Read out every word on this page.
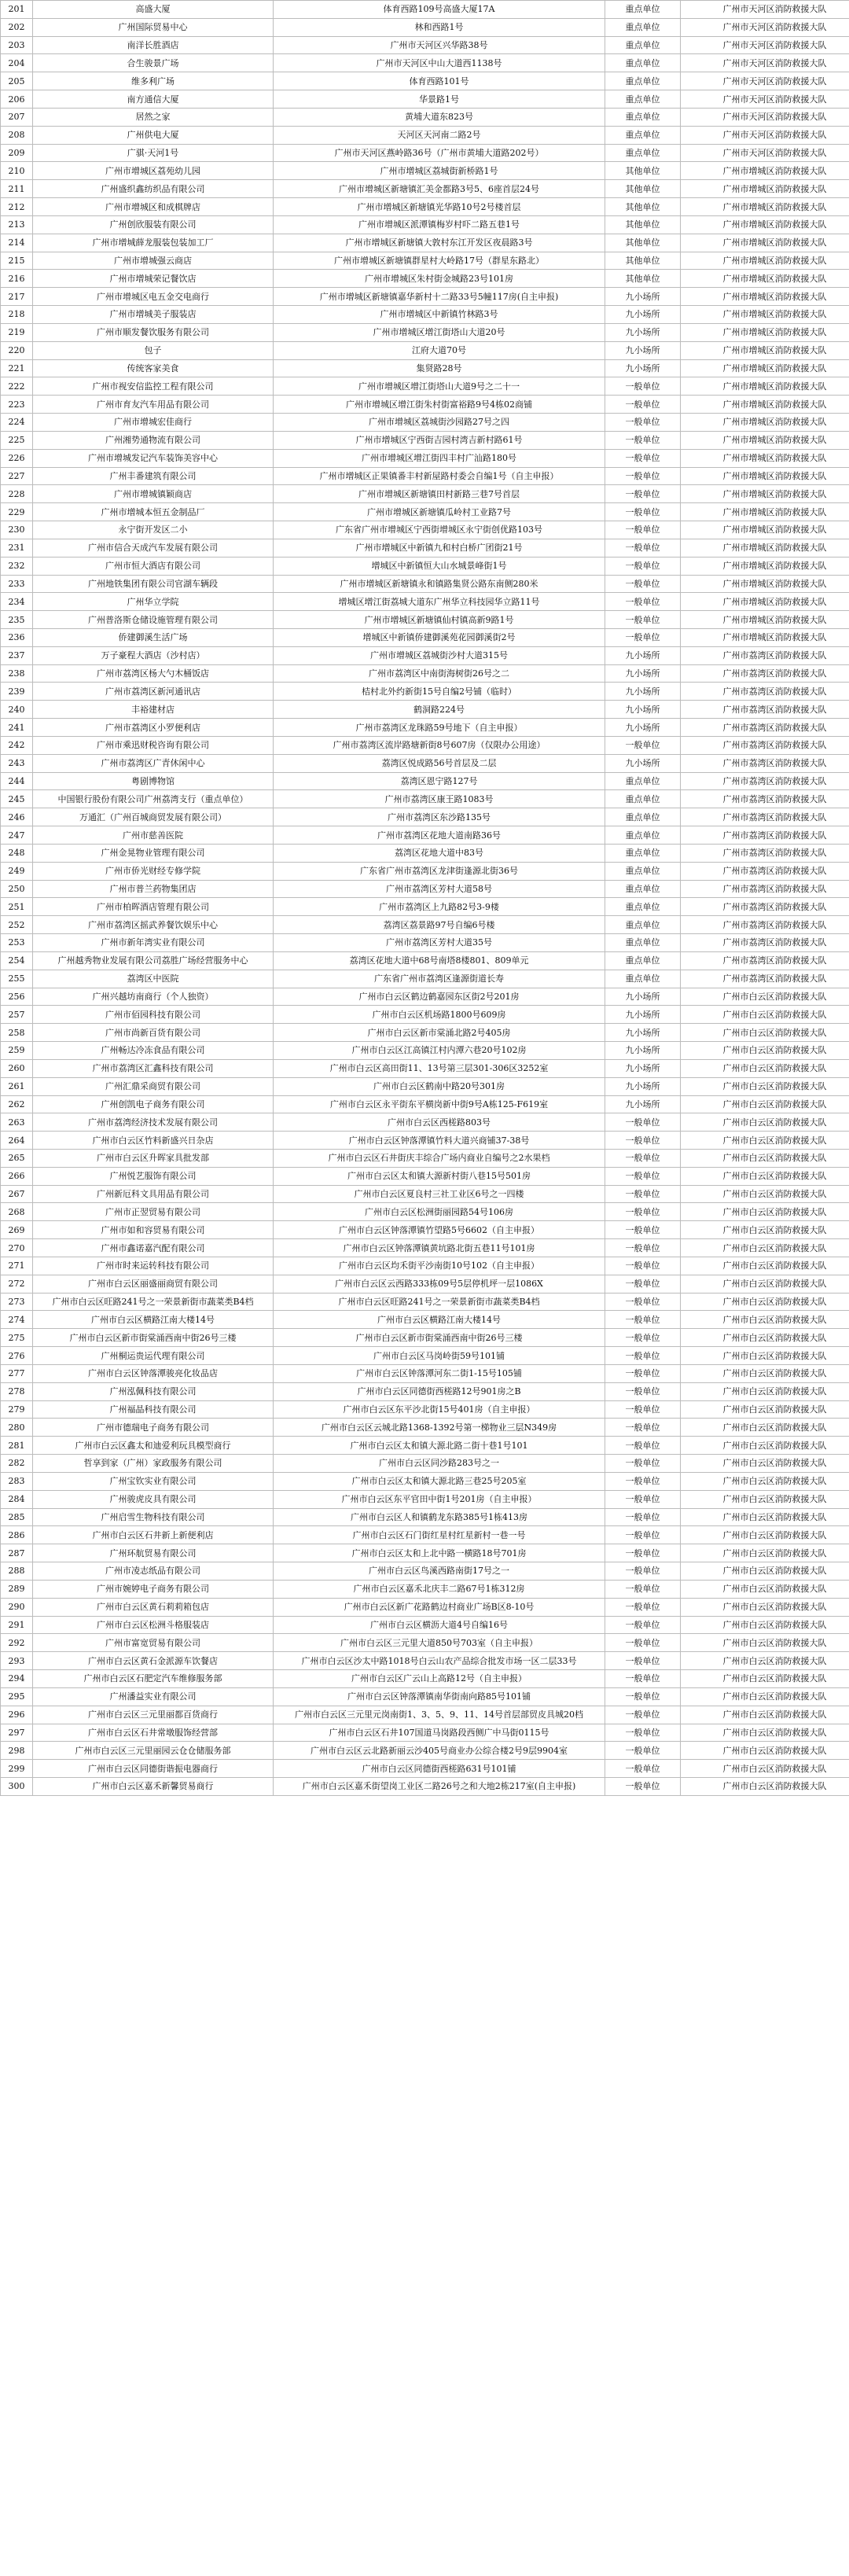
201	高盛大厦	体育西路109号高盛大厦17A	重点单位	广州市天河区消防救援大队
202	广州国际贸易中心	林和西路1号	重点单位	广州市天河区消防救援大队
203	南洋长胜酒店	广州市天河区兴华路38号	重点单位	广州市天河区消防救援大队
204	合生骏景广场	广州市天河区中山大道西1138号	重点单位	广州市天河区消防救援大队
205	维多利广场	体育西路101号	重点单位	广州市天河区消防救援大队
206	南方通信大厦	华景路1号	重点单位	广州市天河区消防救援大队
207	居然之家	黄埔大道东823号	重点单位	广州市天河区消防救援大队
208	广州供电大厦	天河区天河南二路2号	重点单位	广州市天河区消防救援大队
209	广骐·天河1号	广州市天河区燕岭路36号（广州市黄埔大道路202号）	重点单位	广州市天河区消防救援大队
210	广州市增城区荔苑幼儿园	广州市增城区荔城街新桥路1号	其他单位	广州市增城区消防救援大队
211	广州盛织鑫纺织品有限公司	广州市增城区新塘镇汇美金都路3号5、6座首层24号	其他单位	广州市增城区消防救援大队
212	广州市增城区和成棋牌店	广州市增城区新塘镇光华路10号2号楼首层	其他单位	广州市增城区消防救援大队
213	广州创欣服装有限公司	广州市增城区派潭镇梅岁村吓二路五巷1号	其他单位	广州市增城区消防救援大队
214	广州市增城薛龙服装包装加工厂	广州市增城区新塘镇大敦村东江开发区夜晨路3号	其他单位	广州市增城区消防救援大队
215	广州市增城强云商店	广州市增城区新塘镇群星村大岭路17号（群星东路北）	其他单位	广州市增城区消防救援大队
216	广州市增城荣记餐饮店	广州市增城区朱村街金城路23号101房	其他单位	广州市增城区消防救援大队
217	广州市增城区电五金交电商行	广州市增城区新塘镇嘉华新村十二路33号5幢117房(自主申报)	九小场所	广州市增城区消防救援大队
218	广州市增城美子服装店	广州市增城区中新镇竹林路3号	九小场所	广州市增城区消防救援大队
219	广州市顺发餐饮服务有限公司	广州市增城区增江街塔山大道20号	九小场所	广州市增城区消防救援大队
220	包子	江府大道70号	九小场所	广州市增城区消防救援大队
221	传统客家美食	集贤路28号	九小场所	广州市增城区消防救援大队
222	广州市视安信监控工程有限公司	广州市增城区增江街塔山大道9号之二十一	一般单位	广州市增城区消防救援大队
223	广州市育友汽车用品有限公司	广州市增城区增江街朱村街富裕路9号4栋02商铺	一般单位	广州市增城区消防救援大队
224	广州市增城宏佳商行	广州市增城区荔城街沙园路27号之四	一般单位	广州市增城区消防救援大队
225	广州湘势通物流有限公司	广州市增城区宁西街吉园村湾吉新村路61号	一般单位	广州市增城区消防救援大队
226	广州市增城发记汽车装饰美容中心	广州市增城区增江街四丰村广汕路180号	一般单位	广州市增城区消防救援大队
227	广州丰番建筑有限公司	广州市增城区正果镇番丰村新屋路村委会自编1号（自主申报）	一般单位	广州市增城区消防救援大队
228	广州市增城镇颖商店	广州市增城区新塘镇田村新路三巷7号首层	一般单位	广州市增城区消防救援大队
229	广州市增城本恒五金制品厂	广州市增城区新塘镇瓜岭村工业路7号	一般单位	广州市增城区消防救援大队
230	永宁街开发区二小	广东省广州市增城区宁西街增城区永宁街创优路103号	一般单位	广州市增城区消防救援大队
231	广州市信合天成汽车发展有限公司	广州市增城区中新镇九和村白桥广团街21号	一般单位	广州市增城区消防救援大队
232	广州市恒大酒店有限公司	增城区中新镇恒大山水城景峰街1号	一般单位	广州市增城区消防救援大队
233	广州地铁集团有限公司官湖车辆段	广州市增城区新塘镇永和镇路集贤公路东南侧280米	一般单位	广州市增城区消防救援大队
234	广州华立学院	增城区增江街荔城大道东广州华立科技园华立路11号	一般单位	广州市增城区消防救援大队
235	广州普洛斯仓储设施管理有限公司	广州市增城区新塘镇仙村镇高新9路1号	一般单位	广州市增城区消防救援大队
236	侨建御溪生活广场	增城区中新镇侨建御溪苑花园御溪街2号	一般单位	广州市增城区消防救援大队
237	万子豪程大酒店（沙村店）	广州市增城区荔城街沙村大道315号	九小场所	广州市荔湾区消防救援大队
238	广州市荔湾区杨大勺木桶饭店	广州市荔湾区中南街海树街26号之二	九小场所	广州市荔湾区消防救援大队
239	广州市荔湾区新河通讯店	桔村北外约新街15号自编2号铺（临时）	九小场所	广州市荔湾区消防救援大队
240	丰裕建材店	鹤洞路224号	九小场所	广州市荔湾区消防救援大队
241	广州市荔湾区小罗便利店	广州市荔湾区龙珠路59号地下（自主申报）	九小场所	广州市荔湾区消防救援大队
242	广州市乘迅财税咨询有限公司	广州市荔湾区流岸路塘新街8号607房（仅限办公用途）	一般单位	广州市荔湾区消防救援大队
243	广州市荔湾区广青休闲中心	荔湾区悦成路56号首层及二层	九小场所	广州市荔湾区消防救援大队
244	粤剧博物馆	荔湾区恩宁路127号	重点单位	广州市荔湾区消防救援大队
245	中国银行股份有限公司广州荔湾支行（重点单位）	广州市荔湾区康王路1083号	重点单位	广州市荔湾区消防救援大队
246	万通汇（广州百城商贸发展有限公司）	广州市荔湾区东沙路135号	重点单位	广州市荔湾区消防救援大队
247	广州市慈善医院	广州市荔湾区花地大道南路36号	重点单位	广州市荔湾区消防救援大队
248	广州金晃物业管理有限公司	荔湾区花地大道中83号	重点单位	广州市荔湾区消防救援大队
249	广州市侨光财经专修学院	广东省广州市荔湾区龙津街逢源北街36号	重点单位	广州市荔湾区消防救援大队
250	广州市普兰药物集团店	广州市荔湾区芳村大道58号	重点单位	广州市荔湾区消防救援大队
251	广州市柏晖酒店管理有限公司	广州市荔湾区上九路82号3-9楼	重点单位	广州市荔湾区消防救援大队
252	广州市荔湾区摇武养餐饮娱乐中心	荔湾区荔景路97号自编6号楼	重点单位	广州市荔湾区消防救援大队
253	广州市新年湾实业有限公司	广州市荔湾区芳村大道35号	重点单位	广州市荔湾区消防救援大队
254	广州越秀物业发展有限公司荔胜广场经营服务中心	荔湾区花地大道中68号南塔8楼801、809单元	重点单位	广州市荔湾区消防救援大队
255	荔湾区中医院	广东省广州市荔湾区逢源街道长寿	重点单位	广州市荔湾区消防救援大队
256	广州兴越坊南商行（个人独资）	广州市白云区鹤边鹤嘉园东区街2号201房	九小场所	广州市白云区消防救援大队
257	广州市佰园科技有限公司	广州市白云区机场路1800号609房	九小场所	广州市白云区消防救援大队
258	广州市尚新百货有限公司	广州市白云区新市棠涌北路2号405房	九小场所	广州市白云区消防救援大队
259	广州畅达冷冻食品有限公司	广州市白云区江高镇江村内潭六巷20号102房	九小场所	广州市白云区消防救援大队
260	广州市荔湾区汇鑫科技有限公司	广州市白云区高田街11、13号第三层301-306区3252室	九小场所	广州市白云区消防救援大队
261	广州汇鼎采商贸有限公司	广州市白云区鹤南中路20号301房	九小场所	广州市白云区消防救援大队
262	广州创凯电子商务有限公司	广州市白云区永平街东平横岗新中街9号A栋125-F619室	九小场所	广州市白云区消防救援大队
263	广州市荔湾经济技术发展有限公司	广州市白云区西槎路803号	一般单位	广州市白云区消防救援大队
264	广州市白云区竹料新盛兴日杂店	广州市白云区钟落潭镇竹料大道兴商铺37-38号	一般单位	广州市白云区消防救援大队
265	广州市白云区升晖家具批发部	广州市白云区石井街庆丰综合广场内商业自编号之2水果档	一般单位	广州市白云区消防救援大队
266	广州悦艺服饰有限公司	广州市白云区太和镇大源新村街八巷15号501房	一般单位	广州市白云区消防救援大队
267	广州新厄科文具用品有限公司	广州市白云区夏良村三社工业区6号之一四楼	一般单位	广州市白云区消防救援大队
268	广州市正翌贸易有限公司	广州市白云区松洲街丽园路54号106房	一般单位	广州市白云区消防救援大队
269	广州市如和容贸易有限公司	广州市白云区钟落潭镇竹望路5号6602（自主申报）	一般单位	广州市白云区消防救援大队
270	广州市鑫诺嘉汽配有限公司	广州市白云区钟落潭镇黄坑路北街五巷11号101房	一般单位	广州市白云区消防救援大队
271	广州市时来运转科技有限公司	广州市白云区均禾街平沙南街10号102（自主申报）	一般单位	广州市白云区消防救援大队
272	广州市白云区丽盛丽商贸有限公司	广州市白云区云西路333栋09号5层停机坪一层1086X	一般单位	广州市白云区消防救援大队
273	广州市白云区旺路241号之一荣景新街市蔬菜类B4档	广州市白云区旺路241号之一荣景新街市蔬菜类B4档	一般单位	广州市白云区消防救援大队
274	广州市白云区横路江南大楼14号	广州市白云区横路江南大楼14号	一般单位	广州市白云区消防救援大队
275	广州市白云区新市街棠涌西南中街26号三楼	广州市白云区新市街棠涌西南中街26号三楼	一般单位	广州市白云区消防救援大队
276	广州桐运贵运代理有限公司	广州市白云区马岗岭街59号101铺	一般单位	广州市白云区消防救援大队
277	广州市白云区钟落潭骏亮化妆品店	广州市白云区钟落潭河东二街1-15号105铺	一般单位	广州市白云区消防救援大队
278	广州泓佩科技有限公司	广州市白云区同德街西槎路12号901房之B	一般单位	广州市白云区消防救援大队
279	广州福晶科技有限公司	广州市白云区东平沙北街15号401房（自主申报）	一般单位	广州市白云区消防救援大队
280	广州市德瑞电子商务有限公司	广州市白云区云城北路1368-1392号第一梯物业三层N349房	一般单位	广州市白云区消防救援大队
281	广州市白云区鑫太和迪爱利玩具模型商行	广州市白云区太和镇大源北路二街十巷1号101	一般单位	广州市白云区消防救援大队
282	哲享到家（广州）家政服务有限公司	广州市白云区同沙路283号之一	一般单位	广州市白云区消防救援大队
283	广州宝钦实业有限公司	广州市白云区太和镇大源北路三巷25号205室	一般单位	广州市白云区消防救援大队
284	广州骏虎皮具有限公司	广州市白云区东平官田中街1号201房（自主申报）	一般单位	广州市白云区消防救援大队
285	广州启雪生物科技有限公司	广州市白云区人和镇鹤龙东路385号1栋413房	一般单位	广州市白云区消防救援大队
286	广州市白云区石井新上新便利店	广州市白云区石门街红星村红星新村一巷一号	一般单位	广州市白云区消防救援大队
287	广州环航贸易有限公司	广州市白云区太和上北中路一横路18号701房	一般单位	广州市白云区消防救援大队
288	广州市凌志纸品有限公司	广州市白云区鸟溪西路南街17号之一	一般单位	广州市白云区消防救援大队
289	广州市婉婷电子商务有限公司	广州市白云区嘉禾北庆丰二路67号1栋312房	一般单位	广州市白云区消防救援大队
290	广州市白云区黄石莉莉箱包店	广州市白云区新广花路鹤边村商业广场B区8-10号	一般单位	广州市白云区消防救援大队
291	广州市白云区松洲斗格服装店	广州市白云区横沥大道4号自编16号	一般单位	广州市白云区消防救援大队
292	广州市富宽贸易有限公司	广州市白云区三元里大道850号703室（自主申报）	一般单位	广州市白云区消防救援大队
293	广州市白云区黄石金派源车饮餐店	广州市白云区沙太中路1018号白云山农产品综合批发市场一区二层33号	一般单位	广州市白云区消防救援大队
294	广州市白云区石肥定汽车维修服务部	广州市白云区广云山上高路12号（自主申报）	一般单位	广州市白云区消防救援大队
295	广州潘益实业有限公司	广州市白云区钟落潭镇南华街南向路85号101铺	一般单位	广州市白云区消防救援大队
296	广州市白云区三元里丽都百货商行	广州市白云区三元里元岗南街1、3、5、9、11、14号首层部贸皮具城20档	一般单位	广州市白云区消防救援大队
297	广州市白云区石井常墩服饰经营部	广州市白云区石井107国道马岗路段西侧广中马街0115号	一般单位	广州市白云区消防救援大队
298	广州市白云区三元里丽园云仓仓储服务部	广州市白云区云北路新丽云沙405号商业办公综合楼2号9层9904室	一般单位	广州市白云区消防救援大队
299	广州市白云区同德街谐振电器商行	广州市白云区同德街西槎路631号101铺	一般单位	广州市白云区消防救援大队
300	广州市白云区嘉禾新馨贸易商行	广州市白云区嘉禾街望岗工业区二路26号之和大地2栋217室(自主申报)	一般单位	广州市白云区消防救援大队
